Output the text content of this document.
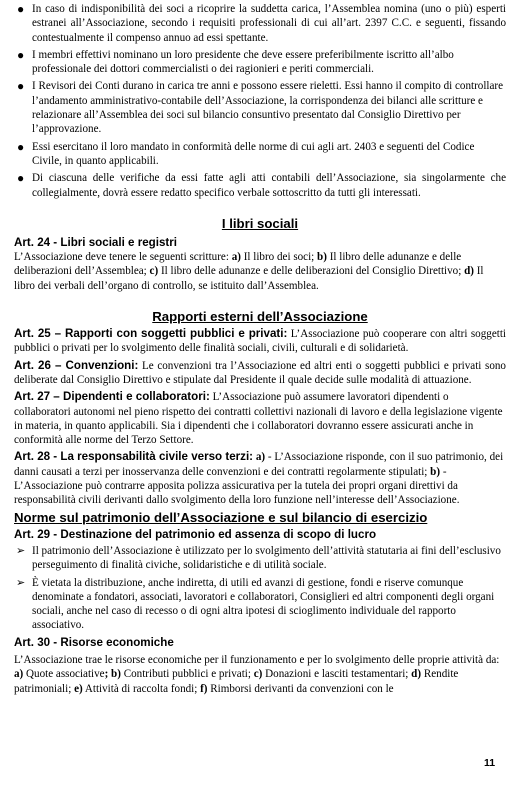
● In caso di indisponibilità dei soci a ricoprire la suddetta carica, l’Assemblea nomina (uno o più) esperti estranei all’Associazione, secondo i requisiti professionali di cui all’art. 2397 C.C. e seguenti, fissando contestualmente il compenso annuo ad essi spettante.
● I membri effettivi nominano un loro presidente che deve essere preferibilmente iscritto all’albo professionale dei dottori commercialisti o dei ragionieri e periti commerciali.
● I Revisori dei Conti durano in carica tre anni e possono essere rieletti. Essi hanno il compito di controllare l’andamento amministrativo-contabile dell’Associazione, la corrispondenza dei bilanci alle scritture e relazionare all’Assemblea dei soci sul bilancio consuntivo presentato dal Consiglio Direttivo per l’approvazione.
● Essi esercitano il loro mandato in conformità delle norme di cui agli art. 2403 e seguenti del Codice Civile, in quanto applicabili.
● Di ciascuna delle verifiche da essi fatte agli atti contabili dell’Associazione, sia singolarmente che collegialmente, dovrà essere redatto specifico verbale sottoscritto da tutti gli interessati.
I libri sociali
Art. 24 - Libri sociali e registri

L’Associazione deve tenere le seguenti scritture: a) Il libro dei soci; b) Il libro delle adunanze e delle deliberazioni dell’Assemblea; c) Il libro delle adunanze e delle deliberazioni del Consiglio Direttivo; d) Il libro dei verbali dell’organo di controllo, se istituito dall’Assemblea.

Rapporti esterni dell’Associazione

Art. 25 – Rapporti con soggetti pubblici e privati: L’Associazione può cooperare con altri soggetti pubblici o privati per lo svolgimento delle finalità sociali, civili, culturali e di solidarietà.

Art. 26 – Convenzioni: Le convenzioni tra l’Associazione ed altri enti o soggetti pubblici e privati sono deliberate dal Consiglio Direttivo e stipulate dal Presidente il quale decide sulle modalità di attuazione.

Art. 27 – Dipendenti e collaboratori: L’Associazione può assumere lavoratori dipendenti o collaboratori autonomi nel pieno rispetto dei contratti collettivi nazionali di lavoro e della legislazione vigente in materia, in quanto applicabili. Sia i dipendenti che i collaboratori dovranno essere assicurati anche in conformità alle norme del Terzo Settore.

Art. 28 - La responsabilità civile verso terzi: a) - L’Associazione risponde, con il suo patrimonio, dei danni causati a terzi per inosservanza delle convenzioni e dei contratti regolarmente stipulati; b) - L’Associazione può contrarre apposita polizza assicurativa per la tutela dei propri organi direttivi da responsabilità civili derivanti dallo svolgimento della loro funzione nell’interesse dell’Associazione.

Norme sul patrimonio dell’Associazione e sul bilancio di esercizio
Art. 29 - Destinazione del patrimonio ed assenza di scopo di lucro
➢ Il patrimonio dell’Associazione è utilizzato per lo svolgimento dell’attività statutaria ai fini dell’esclusivo perseguimento di finalità civiche, solidaristiche e di utilità sociale.
➢ È vietata la distribuzione, anche indiretta, di utili ed avanzi di gestione, fondi e riserve comunque denominate a fondatori, associati, lavoratori e collaboratori, Consiglieri ed altri componenti degli organi sociali, anche nel caso di recesso o di ogni altra ipotesi di scioglimento individuale del rapporto associativo.
Art. 30 - Risorse economiche

L’Associazione trae le risorse economiche per il funzionamento e per lo svolgimento delle proprie attività da: a) Quote associative; b) Contributi pubblici e privati; c) Donazioni e lasciti testamentari; d) Rendite patrimoniali; e) Attività di raccolta fondi; f) Rimborsi derivanti da convenzioni con le

11
